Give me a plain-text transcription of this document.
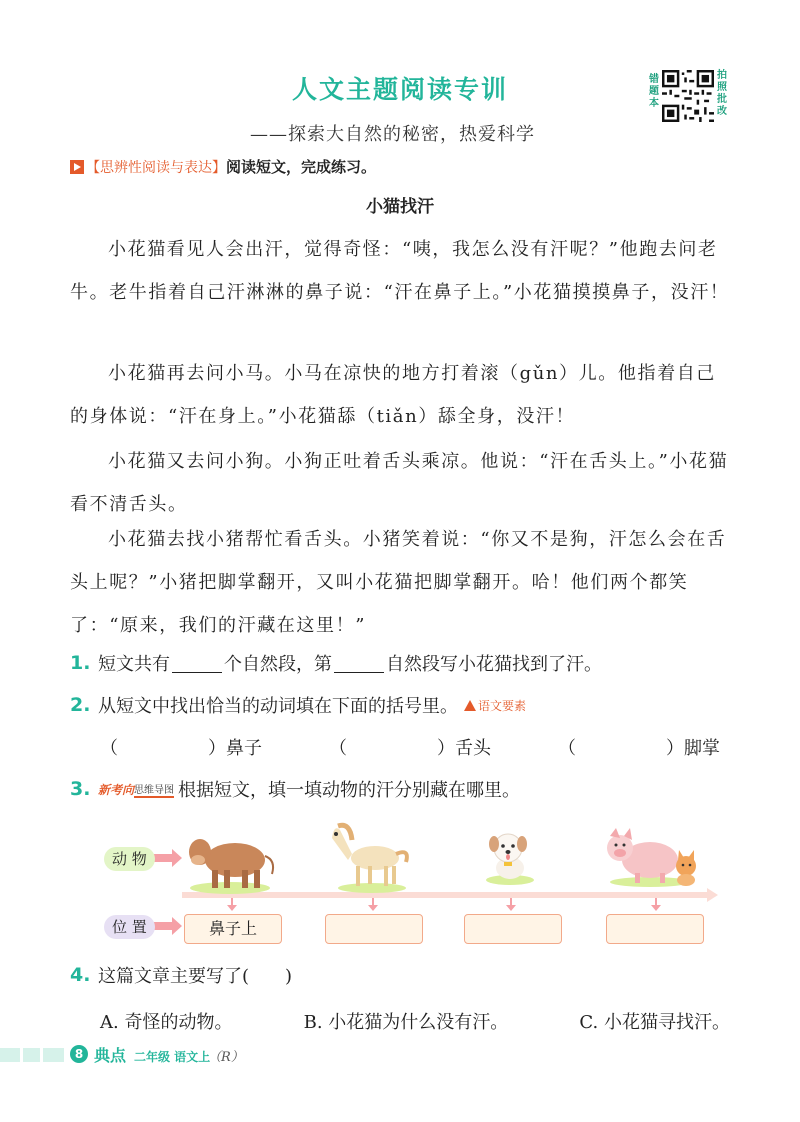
人文主题阅读专训
——探索大自然的秘密，热爱科学
错题本
拍照批改
【思辨性阅读与表达】 阅读短文，完成练习。
小猫找汗
小花猫看见人会出汗，觉得奇怪：“咦，我怎么没有汗呢？”他跑去问老牛。老牛指着自己汗淋淋的鼻子说：“汗在鼻子上。”小花猫摸摸鼻子，没汗！
小花猫再去问小马。小马在凉快的地方打着滚（gǔn）儿。他指着自己的身体说：“汗在身上。”小花猫舔（tiǎn）舔全身，没汗！
小花猫又去问小狗。小狗正吐着舌头乘凉。他说：“汗在舌头上。”小花猫看不清舌头。
小花猫去找小猪帮忙看舌头。小猪笑着说：“你又不是狗，汗怎么会在舌头上呢？”小猪把脚掌翻开，又叫小花猫把脚掌翻开。哈！他们两个都笑了：“原来，我们的汗藏在这里！”
1. 短文共有	个自然段，第	自然段写小花猫找到了汗。
2. 从短文中找出恰当的动词填在下面的括号里。 语文要素
（	） 鼻子	（	） 舌头	（	） 脚掌
3. 新考向 思维导图 根据短文，填一填动物的汗分别藏在哪里。
动 物
位 置	鼻子上
4. 这篇文章主要写了(　　)
A. 奇怪的动物。	B. 小花猫为什么没有汗。	C. 小花猫寻找汗。
8 典点 二年级 语文上
（R）
